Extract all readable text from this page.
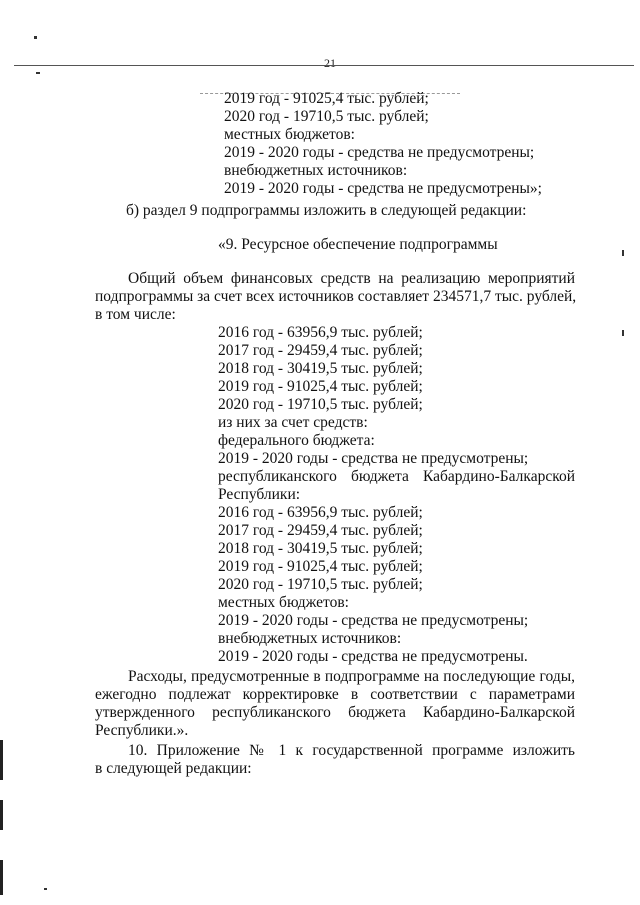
21
2019 год - 91025,4 тыс. рублей;
2020 год - 19710,5 тыс. рублей;
местных бюджетов:
2019 - 2020 годы - средства не предусмотрены;
внебюджетных источников:
2019 - 2020 годы - средства не предусмотрены»;
б) раздел 9 подпрограммы изложить в следующей редакции:
«9. Ресурсное обеспечение подпрограммы
Общий объем финансовых средств на реализацию мероприятий
подпрограммы за счет всех источников составляет 234571,7 тыс. рублей,
в том числе:
2016 год - 63956,9 тыс. рублей;
2017 год - 29459,4 тыс. рублей;
2018 год - 30419,5 тыс. рублей;
2019 год - 91025,4 тыс. рублей;
2020 год - 19710,5 тыс. рублей;
из них за счет средств:
федерального бюджета:
2019 - 2020 годы - средства не предусмотрены;
республиканского бюджета Кабардино-Балкарской
Республики:
2016 год - 63956,9 тыс. рублей;
2017 год - 29459,4 тыс. рублей;
2018 год - 30419,5 тыс. рублей;
2019 год - 91025,4 тыс. рублей;
2020 год - 19710,5 тыс. рублей;
местных бюджетов:
2019 - 2020 годы - средства не предусмотрены;
внебюджетных источников:
2019 - 2020 годы - средства не предусмотрены.
Расходы, предусмотренные в подпрограмме на последующие годы,
ежегодно подлежат корректировке в соответствии с параметрами
утвержденного республиканского бюджета Кабардино-Балкарской
Республики.».
10. Приложение № 1 к государственной программе изложить
в следующей редакции:
